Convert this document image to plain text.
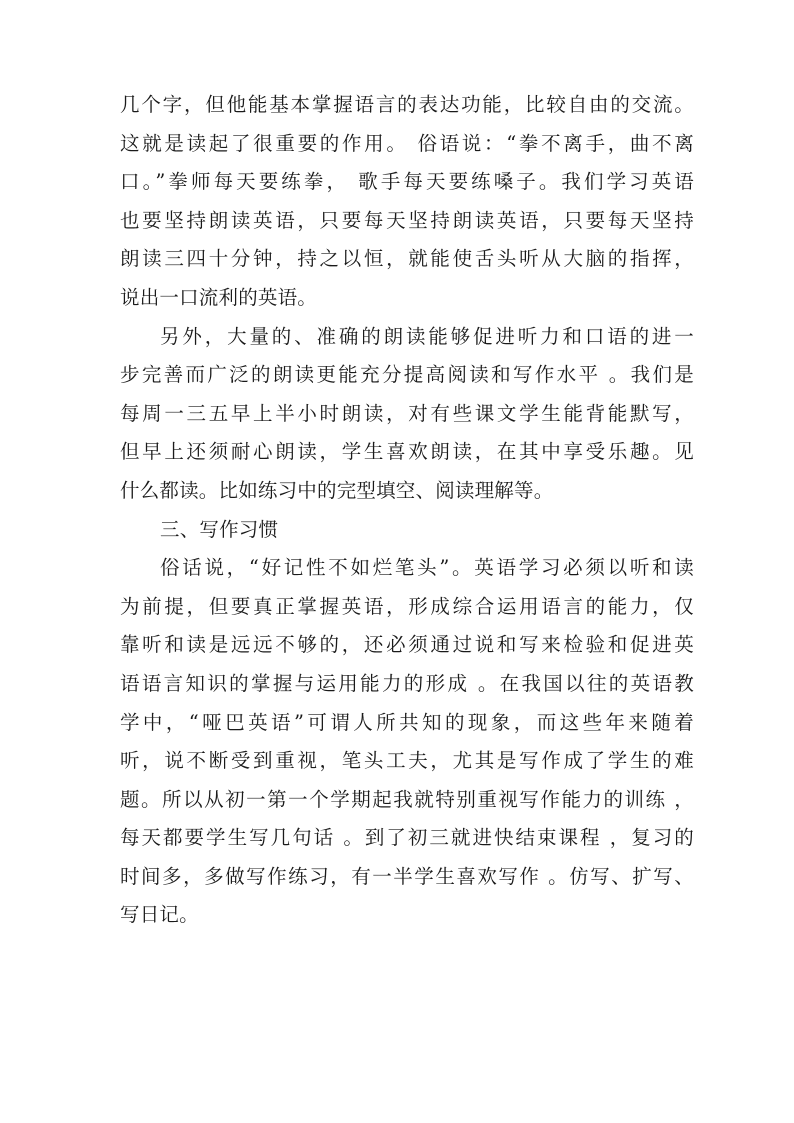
几个字，但他能基本掌握语言的表达功能，比较自由的交流。
这就是读起了很重要的作用。 俗语说：“拳不离手，曲不离
口。”拳师每天要练拳， 歌手每天要练嗓子。我们学习英语
也要坚持朗读英语，只要每天坚持朗读英语，只要每天坚持
朗读三四十分钟，持之以恒，就能使舌头听从大脑的指挥，
说出一口流利的英语。
另外，大量的、准确的朗读能够促进听力和口语的进一
步完善而广泛的朗读更能充分提高阅读和写作水平 。我们是
每周一三五早上半小时朗读，对有些课文学生能背能默写，
但早上还须耐心朗读，学生喜欢朗读，在其中享受乐趣。见
什么都读。比如练习中的完型填空、阅读理解等。
三、写作习惯
俗话说，“好记性不如烂笔头”。英语学习必须以听和读
为前提，但要真正掌握英语，形成综合运用语言的能力，仅
靠听和读是远远不够的，还必须通过说和写来检验和促进英
语语言知识的掌握与运用能力的形成 。在我国以往的英语教
学中，“哑巴英语”可谓人所共知的现象，而这些年来随着
听，说不断受到重视，笔头工夫，尤其是写作成了学生的难
题。所以从初一第一个学期起我就特别重视写作能力的训练 ，
每天都要学生写几句话 。到了初三就进快结束课程 ，复习的
时间多，多做写作练习，有一半学生喜欢写作 。仿写、扩写、
写日记。
